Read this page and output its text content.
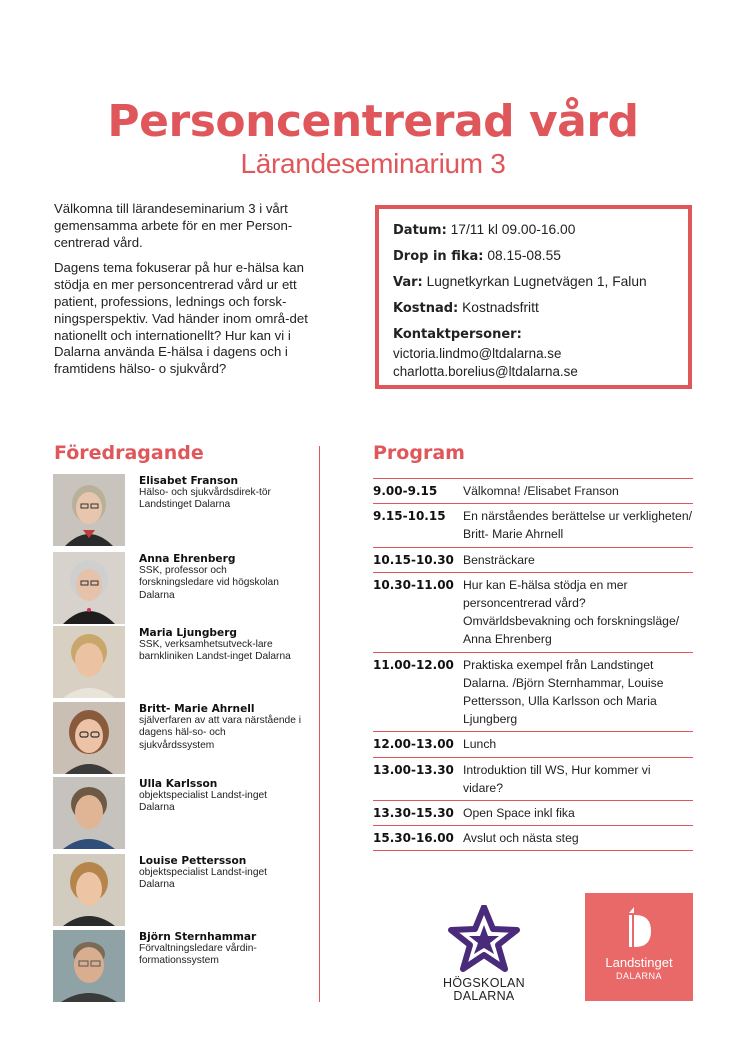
Personcentrerad vård
Lärandeseminarium 3

Välkomna till lärandeseminarium 3 i vårt gemensamma arbete för en mer Person-centrerad vård.

Dagens tema fokuserar på hur e-hälsa kan stödja en mer personcentrerad vård ur ett patient, professions, lednings och forsk-ningsperspektiv. Vad händer inom områ-det nationellt och internationellt? Hur kan vi i Dalarna använda E-hälsa i dagens och i framtidens hälso- o sjukvård?

Datum: 17/11 kl 09.00-16.00
Drop in fika: 08.15-08.55
Var: Lugnetkyrkan Lugnetvägen 1, Falun
Kostnad: Kostnadsfritt
Kontaktpersoner:
victoria.lindmo@ltdalarna.se
charlotta.borelius@ltdalarna.se
Föredragande	Program
Elisabet Franson
Hälso- och sjukvårdsdirek-tör Landstinget Dalarna
Anna Ehrenberg
SSK, professor och forskningsledare vid högskolan Dalarna
Maria Ljungberg
SSK, verksamhetsutveck-lare barnkliniken Landst-inget Dalarna
Britt- Marie Ahrnell
själverfaren av att vara närstående i dagens häl-so- och sjukvårdssystem
Ulla Karlsson
objektspecialist Landst-inget Dalarna
Louise Pettersson
objektspecialist Landst-inget Dalarna
Björn Sternhammar
Förvaltningsledare vårdin-formationssystem
9.00-9.15	Välkomna! /Elisabet Franson
9.15-10.15	En närståendes berättelse ur verkligheten/ Britt- Marie Ahrnell
10.15-10.30 Bensträckare
10.30-11.00 Hur kan E-hälsa stödja en mer personcentrerad vård? Omvärldsbevakning och forskningsläge/ Anna Ehrenberg
11.00-12.00 Praktiska exempel från Landstinget Dalarna. /Björn Sternhammar, Louise Pettersson, Ulla Karlsson och Maria Ljungberg
12.00-13.00 Lunch
13.00-13.30 Introduktion till WS, Hur kommer vi vidare?
13.30-15.30 Open Space inkl fika
15.30-16.00 Avslut och nästa steg
HÖGSKOLAN
DALARNA
Landstinget
DALARNA
